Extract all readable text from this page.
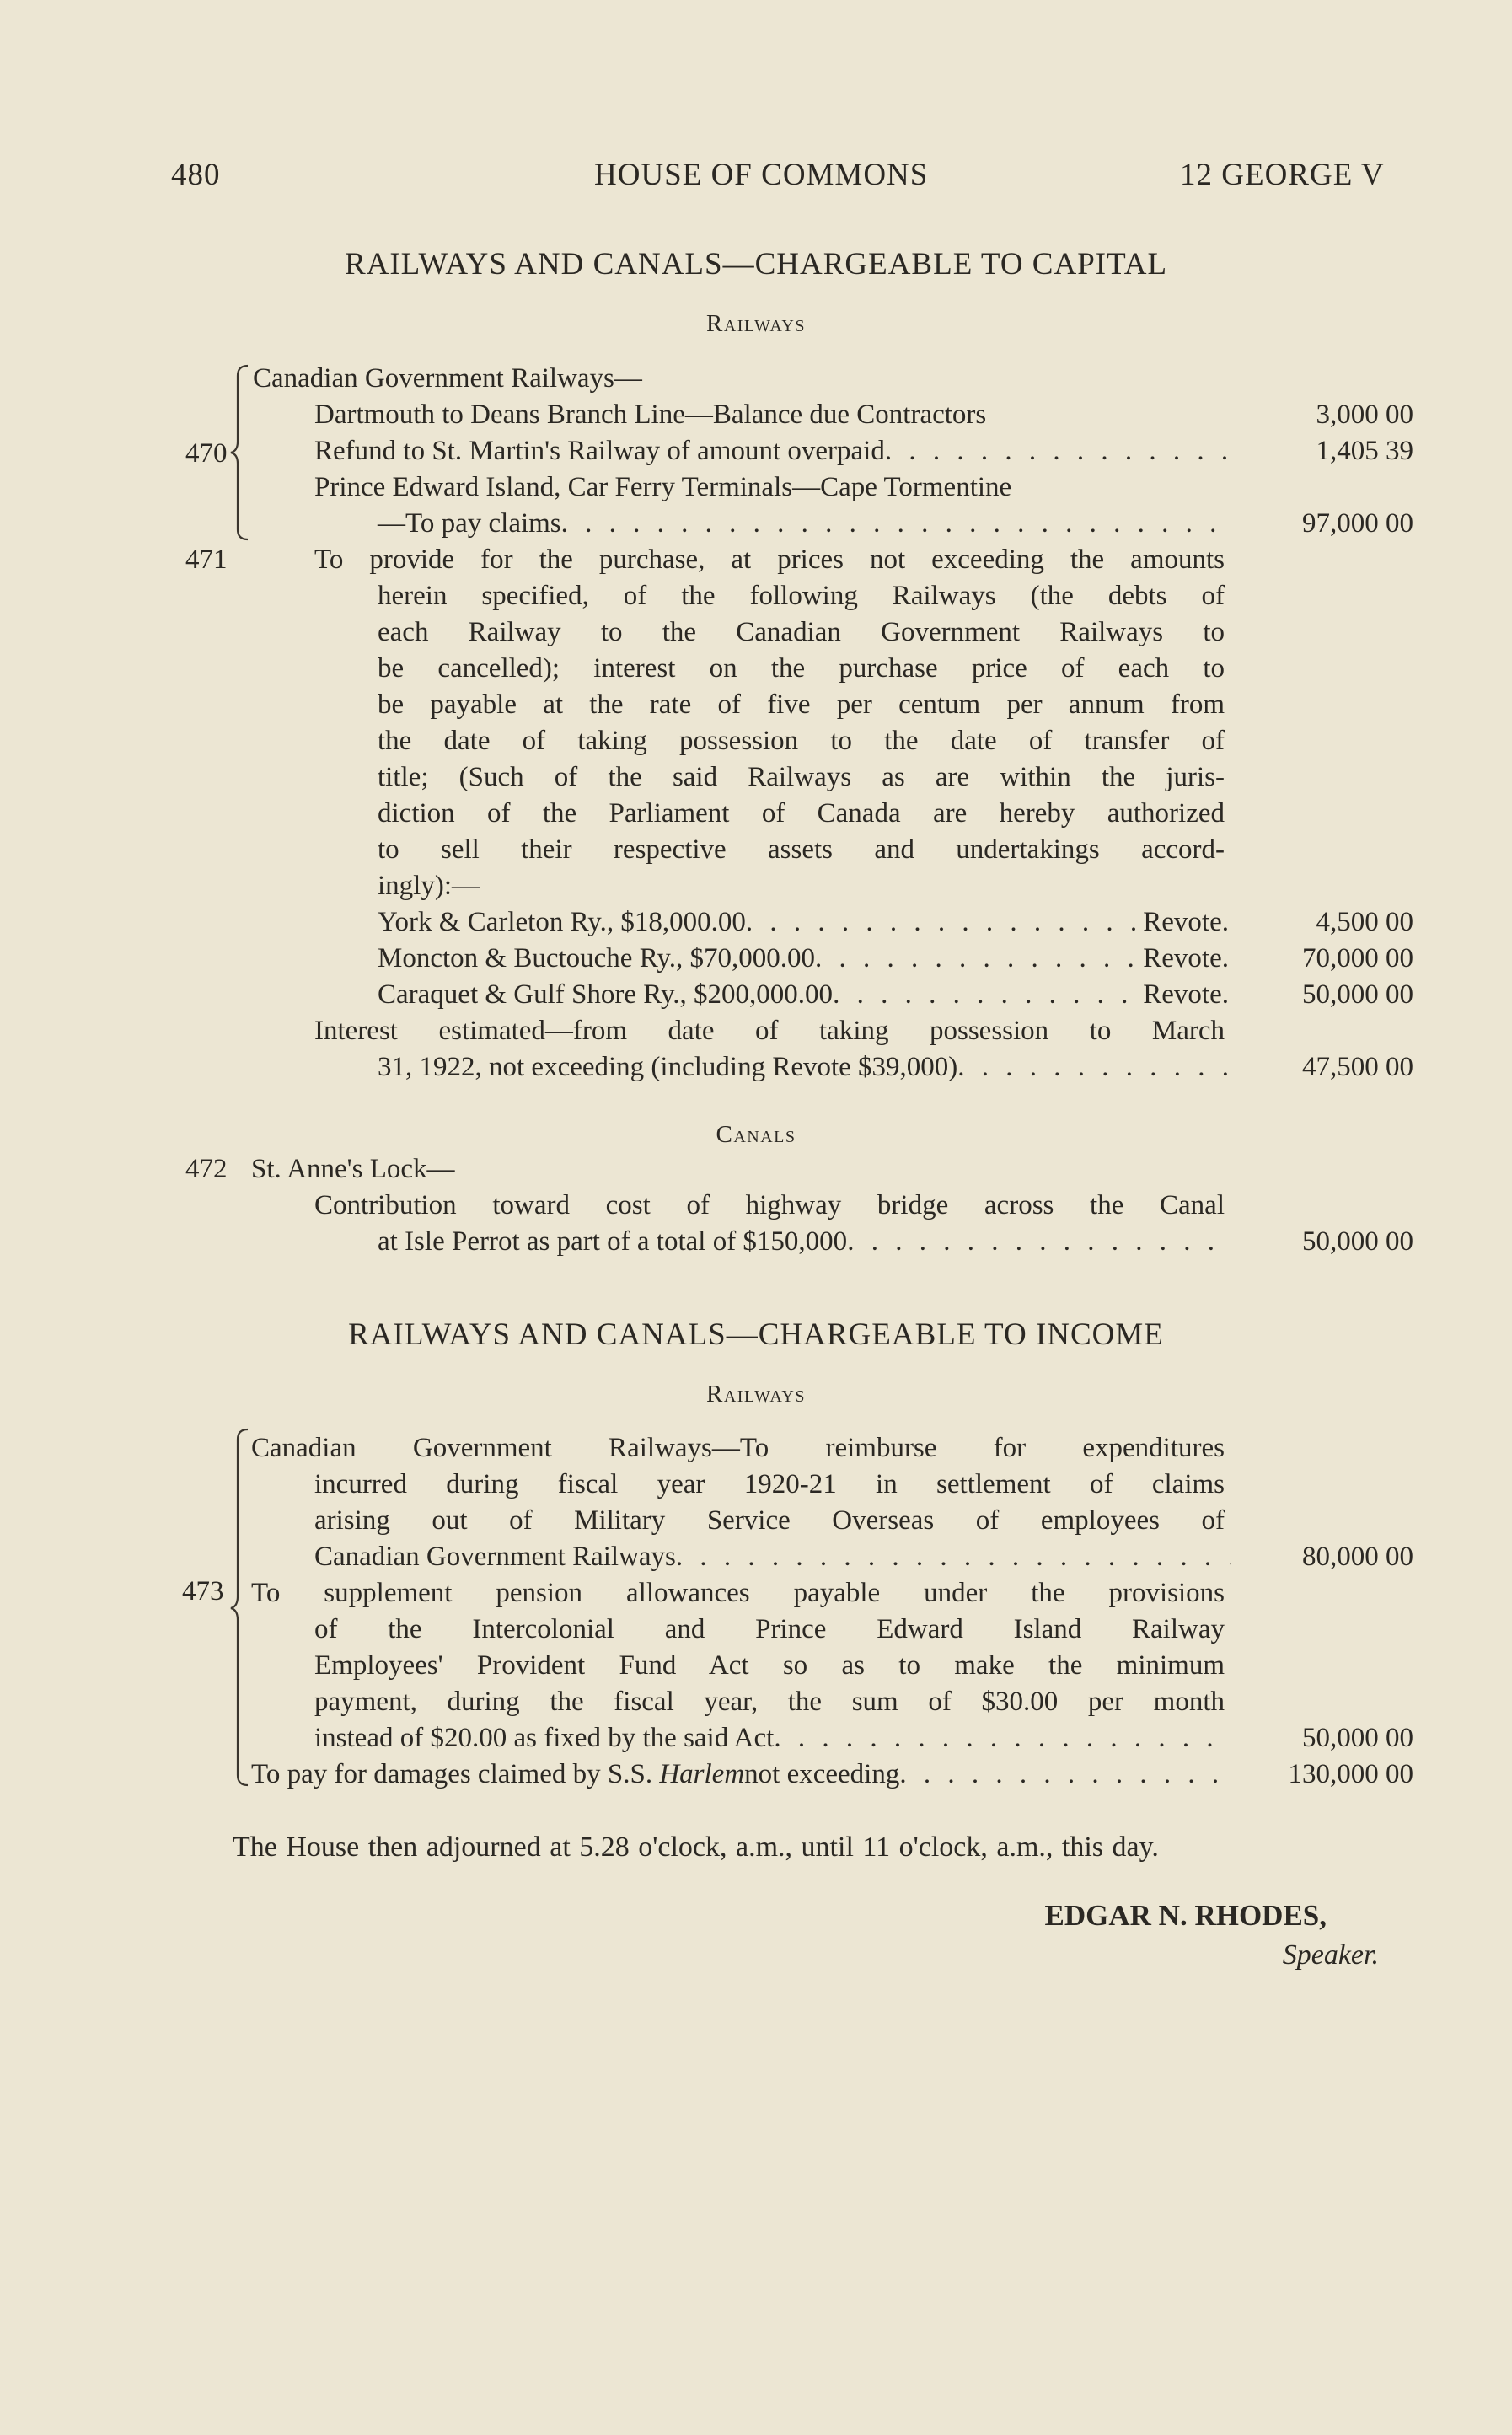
480	HOUSE OF COMMONS	12 GEORGE V
RAILWAYS AND CANALS—CHARGEABLE TO CAPITAL
Railways
470
Canadian Government Railways—
Dartmouth to Deans Branch Line—Balance due Contractors	3,000 00
Refund to St. Martin's Railway of amount overpaid . . .	1,405 39
Prince Edward Island, Car Ferry Terminals—Cape Tormentine
—To pay claims . . .	97,000 00
471	To provide for the purchase, at prices not exceeding the amounts
herein specified, of the following Railways (the debts of
each Railway to the Canadian Government Railways to
be cancelled); interest on the purchase price of each to
be payable at the rate of five per centum per annum from
the date of taking possession to the date of transfer of
title; (Such of the said Railways as are within the juris-
diction of the Parliament of Canada are hereby authorized
to sell their respective assets and undertakings accord-
ingly):—
York & Carleton Ry., $18,000.00 . . .	Revote.	4,500 00
Moncton & Buctouche Ry., $70,000.00 . . .	Revote.	70,000 00
Caraquet & Gulf Shore Ry., $200,000.00 . . .	Revote.	50,000 00
Interest estimated—from date of taking possession to March
31, 1922, not exceeding (including Revote $39,000) . . .	47,500 00
Canals
472 St. Anne's Lock—
Contribution toward cost of highway bridge across the Canal
at Isle Perrot as part of a total of $150,000 . . .	50,000 00
RAILWAYS AND CANALS—CHARGEABLE TO INCOME
Railways
473
Canadian Government Railways—To reimburse for expenditures
incurred during fiscal year 1920-21 in settlement of claims
arising out of Military Service Overseas of employees of
Canadian Government Railways . . .	80,000 00
To supplement pension allowances payable under the provisions
of the Intercolonial and Prince Edward Island Railway
Employees' Provident Fund Act so as to make the minimum
payment, during the fiscal year, the sum of $30.00 per month
instead of $20.00 as fixed by the said Act . . .	50,000 00
To pay for damages claimed by S.S.
Harlem not exceeding . . .	130,000 00
The House then adjourned at 5.28 o'clock, a.m., until 11 o'clock, a.m., this day.
EDGAR N. RHODES,
Speaker.
